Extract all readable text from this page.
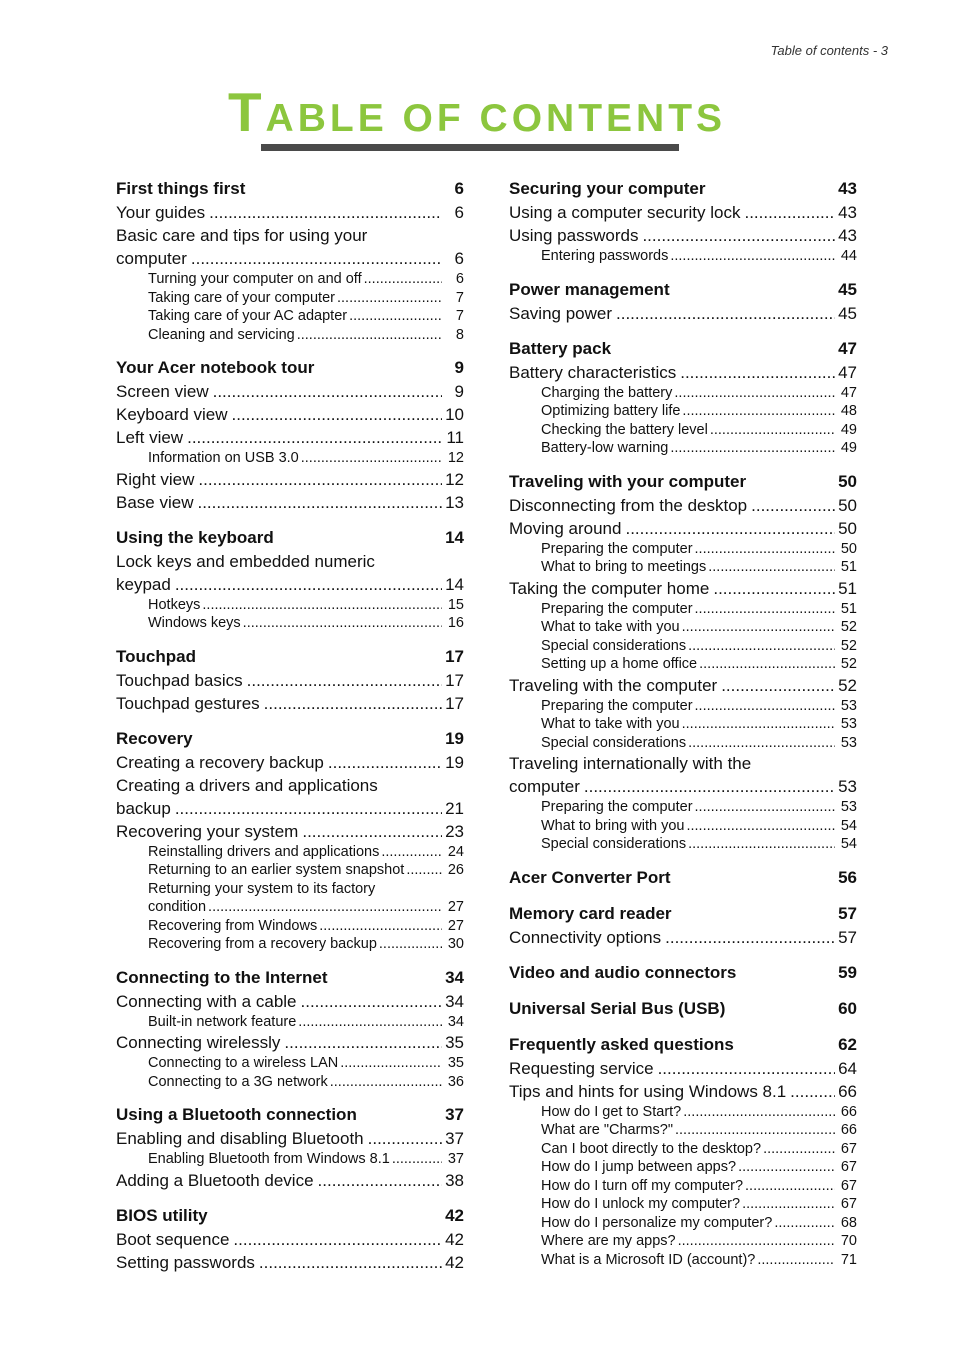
Table of contents - 3
TABLE OF CONTENTS
First things first	6
Your guides .....	6
Basic care and tips for using your
computer .....	6
Turning your computer on and off .....	6
Taking care of your computer .....	7
Taking care of your AC adapter .....	7
Cleaning and servicing .....	8
Your Acer notebook tour	9
Screen view .....	9
Keyboard view .....	10
Left view .....	11
Information on USB 3.0 .....	12
Right view .....	12
Base view .....	13
Using the keyboard	14
Lock keys and embedded numeric
keypad .....	14
Hotkeys .....	15
Windows keys .....	16
Touchpad	17
Touchpad basics .....	17
Touchpad gestures .....	17
Recovery	19
Creating a recovery backup .....	19
Creating a drivers and applications
backup .....	21
Recovering your system .....	23
Reinstalling drivers and applications .....	24
Returning to an earlier system snapshot .....	26
Returning your system to its factory
condition .....	27
Recovering from Windows .....	27
Recovering from a recovery backup .....	30
Connecting to the Internet	34
Connecting with a cable .....	34
Built-in network feature .....	34
Connecting wirelessly .....	35
Connecting to a wireless LAN .....	35
Connecting to a 3G network .....	36
Using a Bluetooth connection	37
Enabling and disabling Bluetooth .....	37
Enabling Bluetooth from Windows 8.1 .....	37
Adding a Bluetooth device .....	38
BIOS utility	42
Boot sequence .....	42
Setting passwords .....	42
Securing your computer	43
Using a computer security lock .....	43
Using passwords .....	43
Entering passwords .....	44
Power management	45
Saving power .....	45
Battery pack	47
Battery characteristics .....	47
Charging the battery .....	47
Optimizing battery life .....	48
Checking the battery level .....	49
Battery-low warning .....	49
Traveling with your computer	50
Disconnecting from the desktop .....	50
Moving around .....	50
Preparing the computer .....	50
What to bring to meetings .....	51
Taking the computer home .....	51
Preparing the computer .....	51
What to take with you .....	52
Special considerations .....	52
Setting up a home office .....	52
Traveling with the computer .....	52
Preparing the computer .....	53
What to take with you .....	53
Special considerations .....	53
Traveling internationally with the
computer .....	53
Preparing the computer .....	53
What to bring with you .....	54
Special considerations .....	54
Acer Converter Port	56
Memory card reader	57
Connectivity options .....	57
Video and audio connectors	59
Universal Serial Bus (USB)	60
Frequently asked questions	62
Requesting service .....	64
Tips and hints for using Windows 8.1 .....	66
How do I get to Start? .....	66
What are "Charms?" .....	66
Can I boot directly to the desktop? .....	67
How do I jump between apps? .....	67
How do I turn off my computer? .....	67
How do I unlock my computer? .....	67
How do I personalize my computer? .....	68
Where are my apps? .....	70
What is a Microsoft ID (account)? .....	71
